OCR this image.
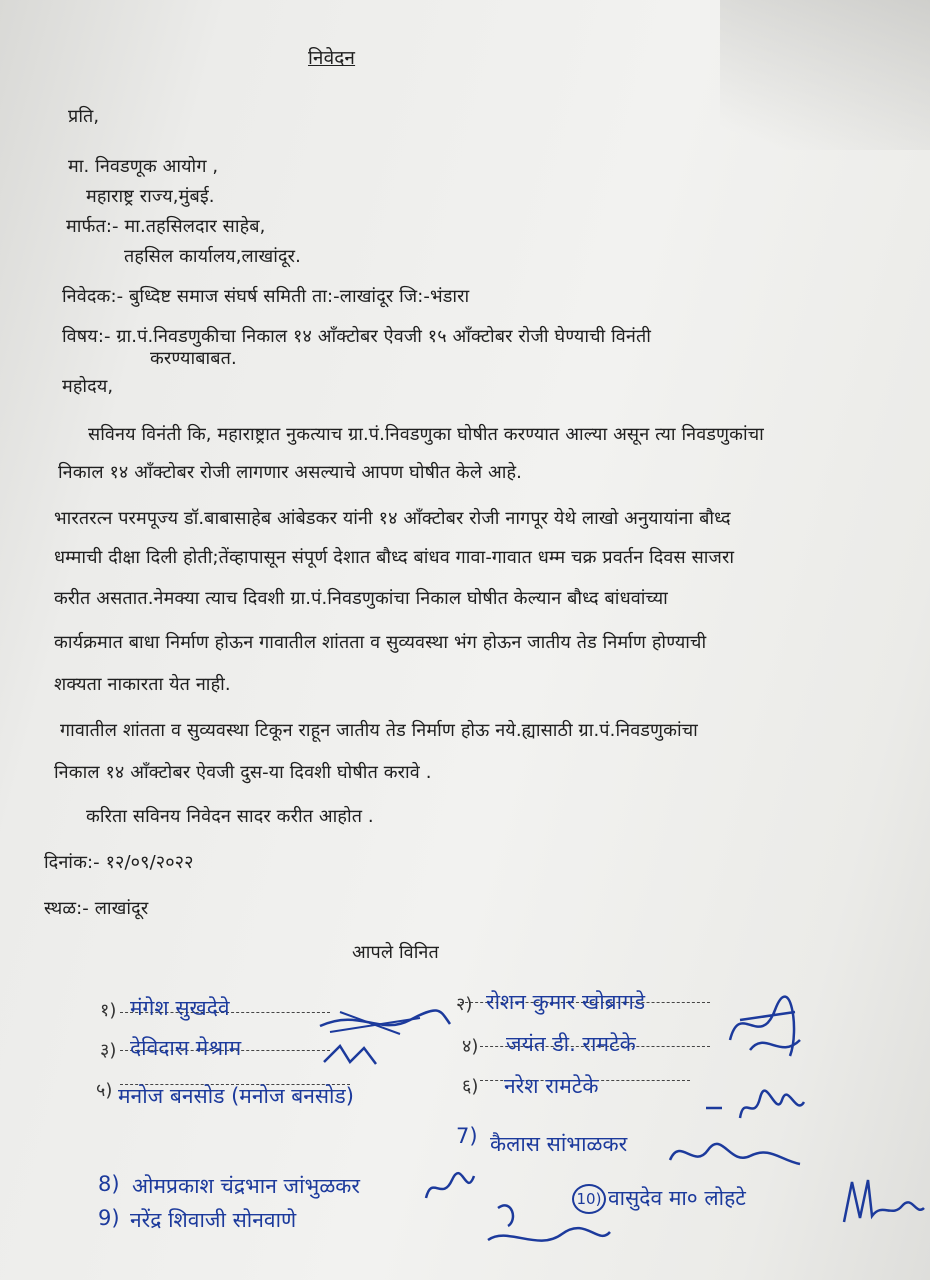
निवेदन
प्रति,
मा. निवडणूक आयोग ,
महाराष्ट्र राज्य,मुंबई.
मार्फत:- मा.तहसिलदार साहेब,
तहसिल कार्यालय,लाखांदूर.
निवेदक:- बुध्दिष्ट समाज संघर्ष समिती ता:-लाखांदूर जि:-भंडारा
विषय:- ग्रा.पं.निवडणुकीचा निकाल १४ ऑंक्टोबर ऐवजी १५ ऑंक्टोबर रोजी घेण्याची विनंती
करण्याबाबत.
महोदय,
सविनय विनंती कि, महाराष्ट्रात नुकत्याच ग्रा.पं.निवडणुका घोषीत करण्यात आल्या असून त्या निवडणुकांचा
निकाल १४ ऑंक्टोबर रोजी लागणार असल्याचे आपण घोषीत केले आहे.
भारतरत्न परमपूज्य डॉ.बाबासाहेब आंबेडकर यांनी १४ ऑंक्टोबर रोजी नागपूर येथे लाखो अनुयायांना बौध्द
धम्माची दीक्षा दिली होती;तेंव्हापासून संपूर्ण देशात बौध्द बांधव गावा-गावात धम्म चक्र प्रवर्तन दिवस साजरा
करीत असतात.नेमक्या त्याच दिवशी ग्रा.पं.निवडणुकांचा निकाल घोषीत केल्यान बौध्द बांधवांच्या
कार्यक्रमात बाधा निर्माण होऊन गावातील शांतता व सुव्यवस्था भंग होऊन जातीय तेड निर्माण होण्याची
शक्यता नाकारता येत नाही.
गावातील शांतता व सुव्यवस्था टिकून राहून जातीय तेड निर्माण होऊ नये.ह्यासाठी ग्रा.पं.निवडणुकांचा
निकाल १४ ऑंक्टोबर ऐवजी दुस-या दिवशी घोषीत करावे .
करिता सविनय निवेदन सादर करीत आहोत .
दिनांक:- १२/०९/२०२२
स्थळ:- लाखांदूर
आपले विनित
१) मंगेश सुखदेवे	२) रोशन कुमार खोब्रागडे
३) देविदास मेश्राम	४) जयंत डी. रामटेके
५) मनोज बनसोड (मनोज बनसोड)	६) नरेश रामटेके
7) कैलास सांभाळकर
8) ओमप्रकाश चंद्रभान जांभुळकर
9) नरेंद्र शिवाजी सोनवाणे
10) वासुदेव मा० लोहटे
